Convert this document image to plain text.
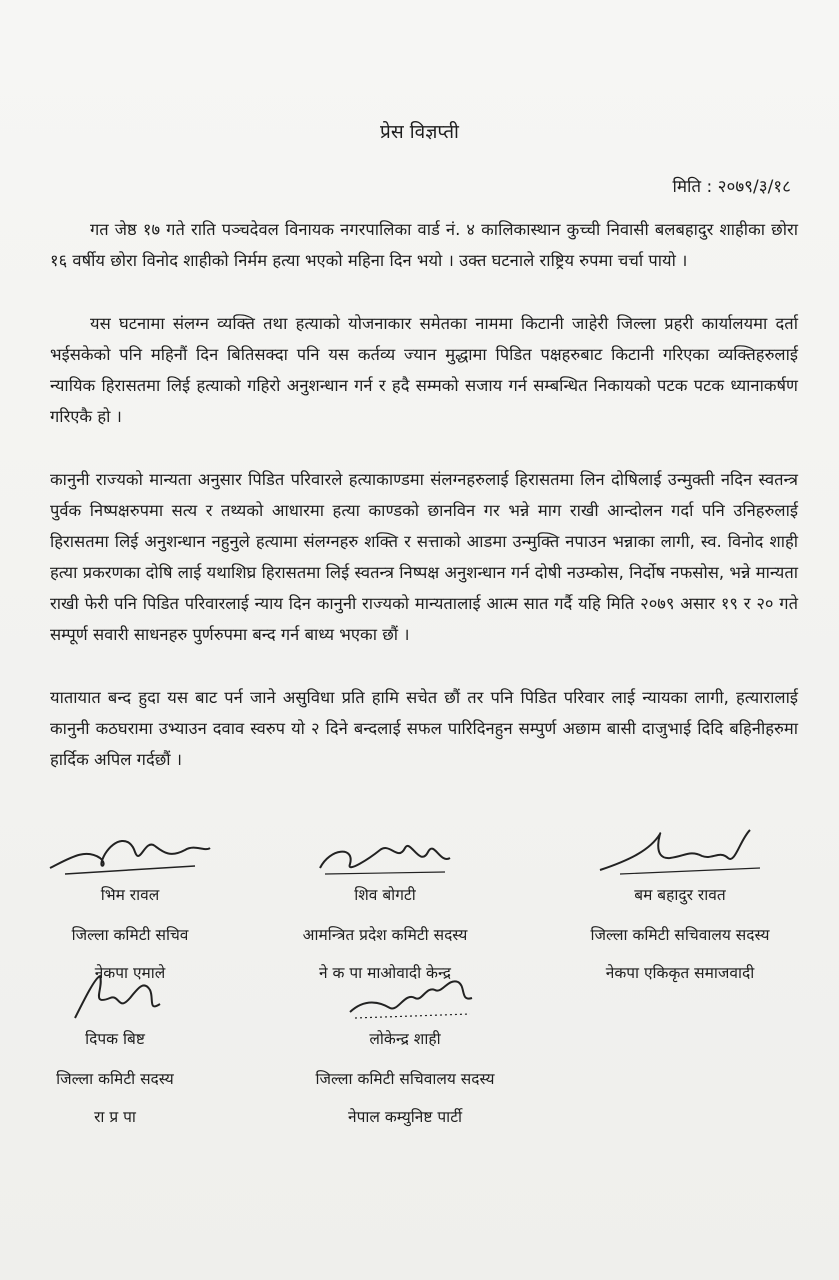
प्रेस विज्ञप्ती
मिति : २०७९/३/१८

गत जेष्ठ १७ गते राति पञ्चदेवल विनायक नगरपालिका वार्ड नं. ४ कालिकास्थान कुच्ची निवासी बलबहादुर शाहीका छोरा १६ वर्षीय छोरा विनोद शाहीको निर्मम हत्या भएको महिना दिन भयो । उक्त घटनाले राष्ट्रिय रुपमा चर्चा पायो ।

यस घटनामा संलग्न व्यक्ति तथा हत्याको योजनाकार समेतका नाममा किटानी जाहेरी जिल्ला प्रहरी कार्यालयमा दर्ता भईसकेको पनि महिनौं दिन बितिसक्दा पनि यस कर्तव्य ज्यान मुद्धामा पिडित पक्षहरुबाट किटानी गरिएका व्यक्तिहरुलाई न्यायिक हिरासतमा लिई हत्याको गहिरो अनुशन्धान गर्न र हदै सम्मको सजाय गर्न सम्बन्धित निकायको पटक पटक ध्यानाकर्षण गरिएकै हो ।

कानुनी राज्यको मान्यता अनुसार पिडित परिवारले हत्याकाण्डमा संलग्नहरुलाई हिरासतमा लिन दोषिलाई उन्मुक्ती नदिन स्वतन्त्र पुर्वक निष्पक्षरुपमा सत्य र तथ्यको आधारमा हत्या काण्डको छानविन गर भन्ने माग राखी आन्दोलन गर्दा पनि उनिहरुलाई हिरासतमा लिई अनुशन्धान नहुनुले हत्यामा संलग्नहरु शक्ति र सत्ताको आडमा उन्मुक्ति नपाउन भन्नाका लागी, स्व. विनोद शाही हत्या प्रकरणका दोषि लाई यथाशिघ्र हिरासतमा लिई स्वतन्त्र निष्पक्ष अनुशन्धान गर्न दोषी नउम्कोस, निर्दोष नफसोस, भन्ने मान्यता राखी फेरी पनि पिडित परिवारलाई न्याय दिन कानुनी राज्यको मान्यतालाई आत्म सात गर्दै यहि मिति २०७९ असार १९ र २० गते सम्पूर्ण सवारी साधनहरु पुर्णरुपमा बन्द गर्न बाध्य भएका छौं ।

यातायात बन्द हुदा यस बाट पर्न जाने असुविधा प्रति हामि सचेत छौं तर पनि पिडित परिवार लाई न्यायका लागी, हत्यारालाई कानुनी कठघरामा उभ्याउन दवाव स्वरुप यो २ दिने बन्दलाई सफल पारिदिनहुन सम्पुर्ण अछाम बासी दाजुभाई दिदि बहिनीहरुमा हार्दिक अपिल गर्दछौं ।

भिम रावल
जिल्ला कमिटी सचिव
नेकपा एमाले
शिव बोगटी
आमन्त्रित प्रदेश कमिटी सदस्य
ने क पा माओवादी केन्द्र
बम बहादुर रावत
जिल्ला कमिटी सचिवालय सदस्य
नेकपा एकिकृत समाजवादी
दिपक बिष्ट
जिल्ला कमिटी सदस्य
रा प्र पा
लोकेन्द्र शाही
जिल्ला कमिटी सचिवालय सदस्य
नेपाल कम्युनिष्ट पार्टी
